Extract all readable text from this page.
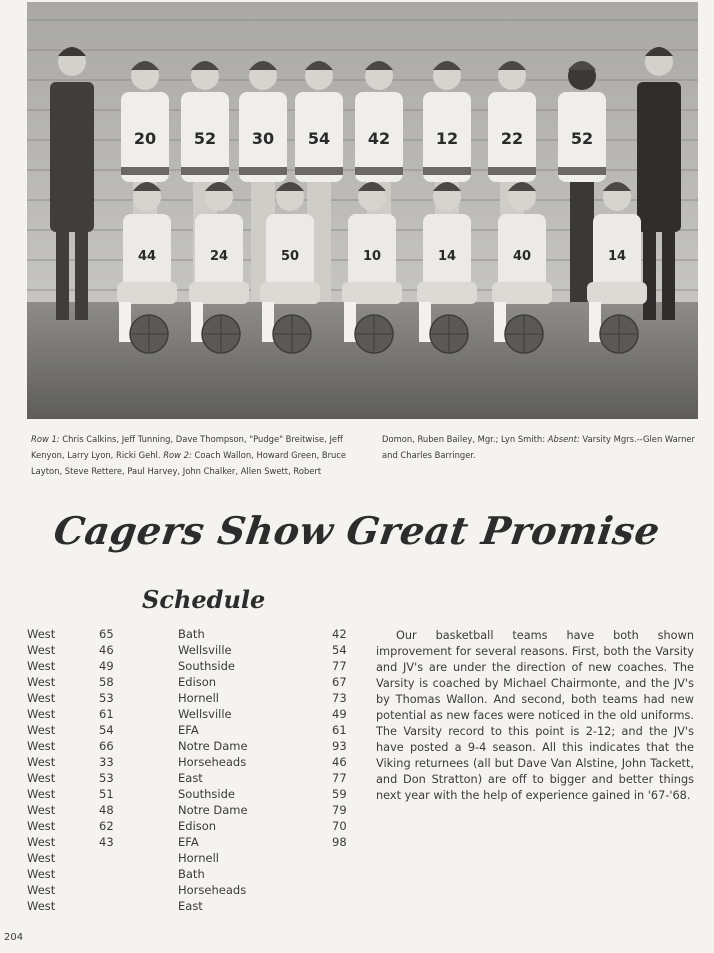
20 52 30 54 42	12	22	52
44	24	50	10	14	40	14
Row 1: Chris Calkins, Jeff Tunning, Dave Thompson, "Pudge" Breitwise, Jeff Kenyon, Larry Lyon, Ricki Gehl. Row 2: Coach Wallon, Howard Green, Bruce Layton, Steve Rettere, Paul Harvey, John Chalker, Allen Swett, Robert
Domon, Ruben Bailey, Mgr.; Lyn Smith: Absent: Varsity Mgrs.--Glen Warner and Charles Barringer.
Cagers Show Great Promise
Schedule
West	65	Bath	42
West	46	Wellsville	54
West	49	Southside	77
West	58	Edison	67
West	53	Hornell	73
West	61	Wellsville	49
West	54	EFA	61
West	66	Notre Dame	93
West	33	Horseheads	46
West	53	East	77
West	51	Southside	59
West	48	Notre Dame	79
West	62	Edison	70
West	43	EFA	98
West	Hornell
West	Bath
West	Horseheads
West	East

Our basketball teams have both shown improvement for several reasons. First, both the Varsity and JV's are under the direction of new coaches. The Varsity is coached by Michael Chairmonte, and the JV's by Thomas Wallon. And second, both teams had new potential as new faces were noticed in the old uniforms. The Varsity record to this point is 2-12; and the JV's have posted a 9-4 season. All this indicates that the Viking returnees (all but Dave Van Alstine, John Tackett, and Don Stratton) are off to bigger and better things next year with the help of experience gained in '67-'68.

204
